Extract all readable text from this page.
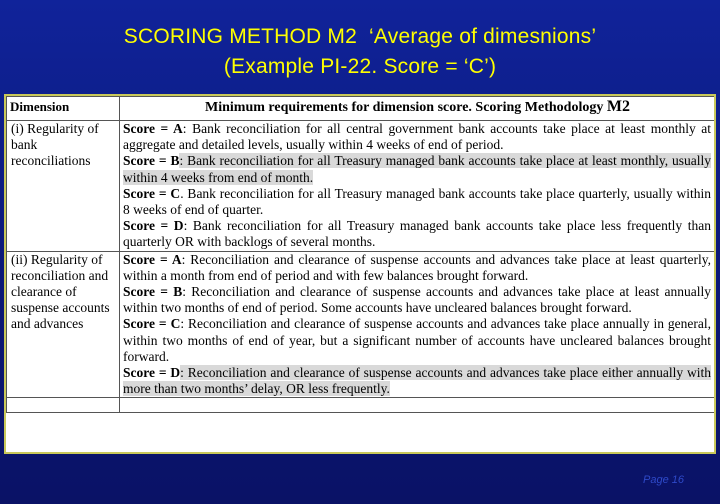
SCORING METHOD M2  ‘Average of dimesnions’
(Example PI-22. Score = ‘C’)
Dimension	Minimum requirements for dimension score. Scoring Methodology M2
(i) Regularity of bank reconciliations	Score = A: Bank reconciliation for all central government bank accounts take place at least monthly at aggregate and detailed levels, usually within 4 weeks of end of period.

Score = B: Bank reconciliation for all Treasury managed bank accounts take place at least monthly, usually within 4 weeks from end of month.

Score = C. Bank reconciliation for all Treasury managed bank accounts take place quarterly, usually within 8 weeks of end of quarter.

Score = D: Bank reconciliation for all Treasury managed bank accounts take place less frequently than quarterly OR with backlogs of several months.

(ii) Regularity of reconciliation and clearance of suspense accounts and advances	Score = A: Reconciliation and clearance of suspense accounts and advances take place at least quarterly, within a month from end of period and with few balances brought forward.

Score = B: Reconciliation and clearance of suspense accounts and advances take place at least annually within two months of end of period. Some accounts have uncleared balances brought forward.

Score = C: Reconciliation and clearance of suspense accounts and advances take place annually in general, within two months of end of year, but a significant number of accounts have uncleared balances brought forward.

Score = D: Reconciliation and clearance of suspense accounts and advances take place either annually with more than two months’ delay, OR less frequently.

Page 16
